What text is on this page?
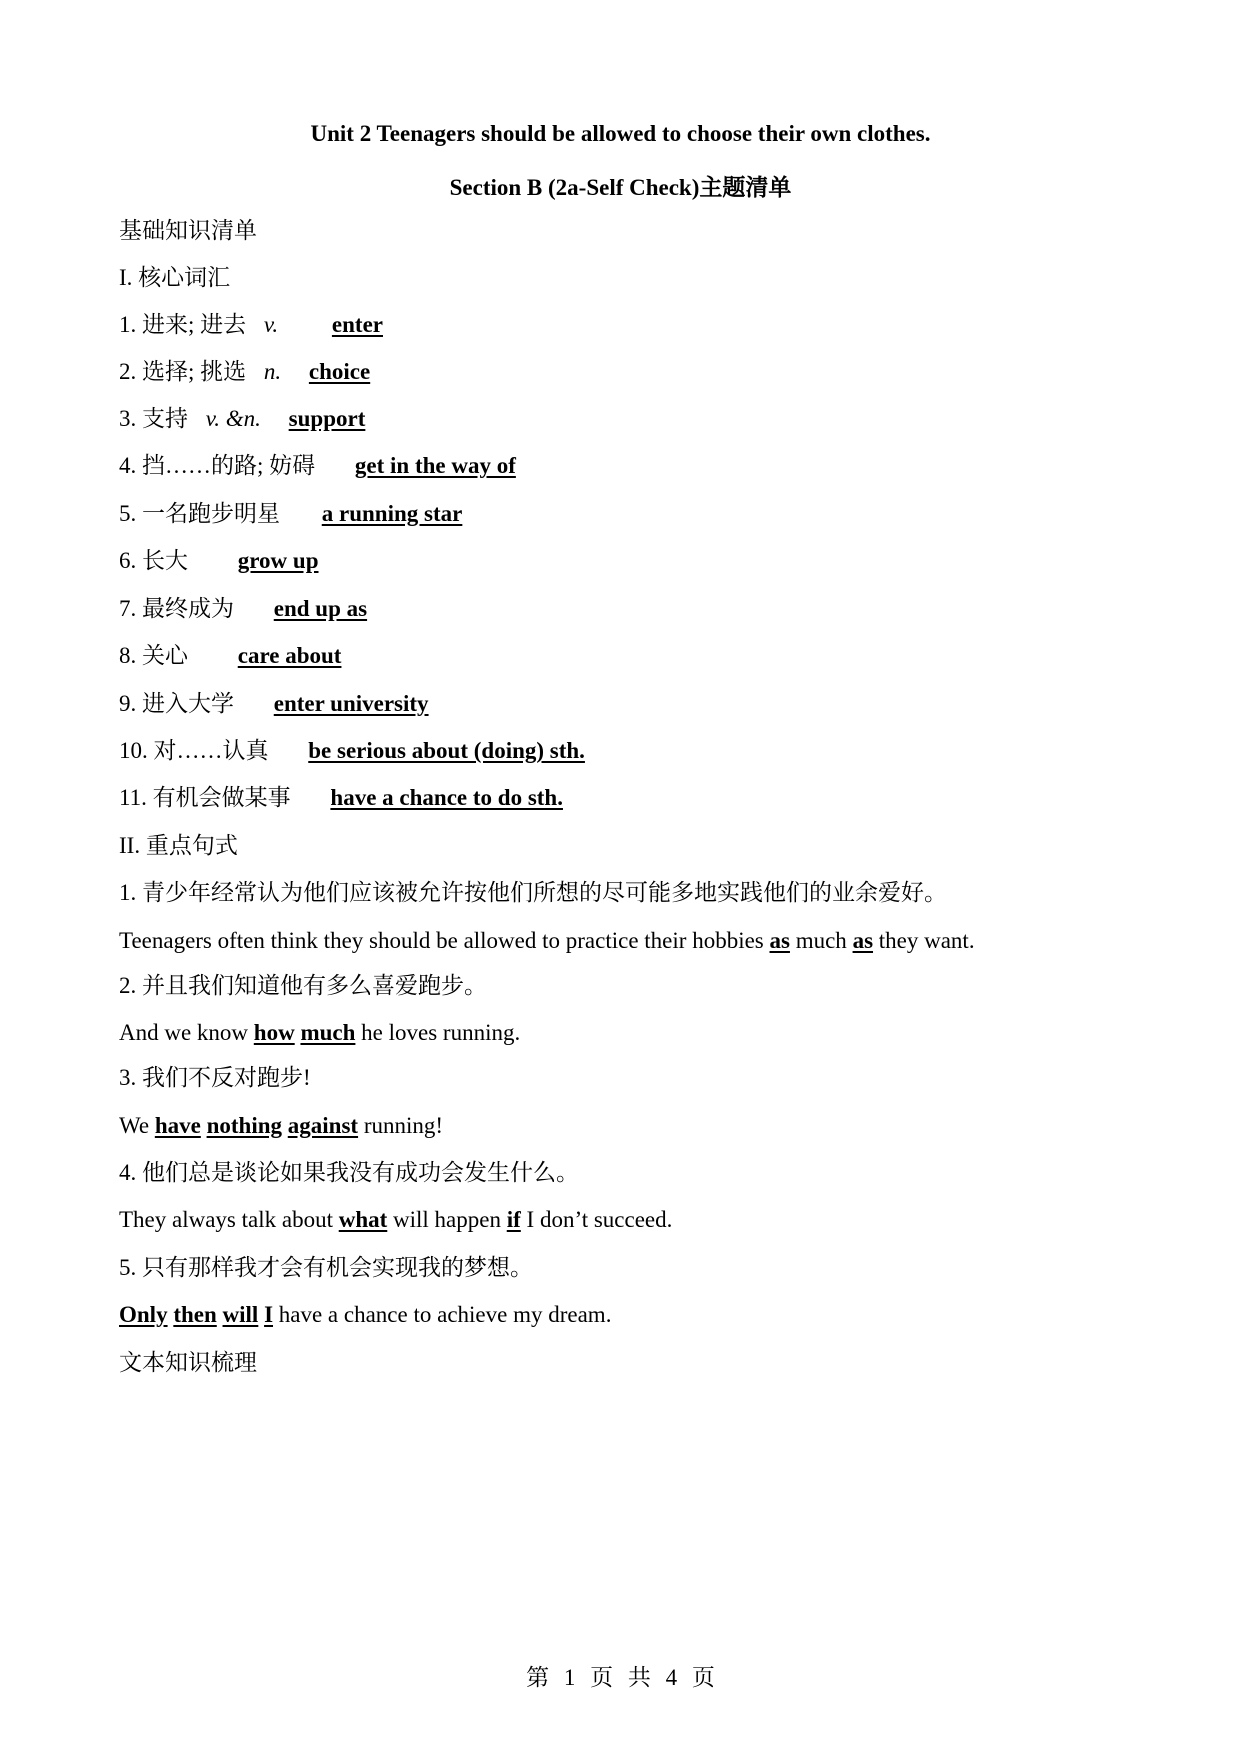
Unit 2 Teenagers should be allowed to choose their own clothes.
Section B (2a-Self Check)主题清单
基础知识清单
I. 核心词汇
1. 进来; 进去 v. enter
2. 选择; 挑选 n. choice
3. 支持 v. &n. support
4. 挡……的路; 妨碍 get in the way of
5. 一名跑步明星 a running star
6. 长大 grow up
7. 最终成为 end up as
8. 关心 care about
9. 进入大学 enter university
10. 对……认真 be serious about (doing) sth.
11. 有机会做某事 have a chance to do sth.
II. 重点句式
1. 青少年经常认为他们应该被允许按他们所想的尽可能多地实践他们的业余爱好。
Teenagers often think they should be allowed to practice their hobbies as much as they want.
2. 并且我们知道他有多么喜爱跑步。
And we know how much he loves running.
3. 我们不反对跑步!
We have nothing against running!
4. 他们总是谈论如果我没有成功会发生什么。
They always talk about what will happen if I don’t succeed.
5. 只有那样我才会有机会实现我的梦想。
Only then will I have a chance to achieve my dream.
文本知识梳理
第 1 页 共 4 页
